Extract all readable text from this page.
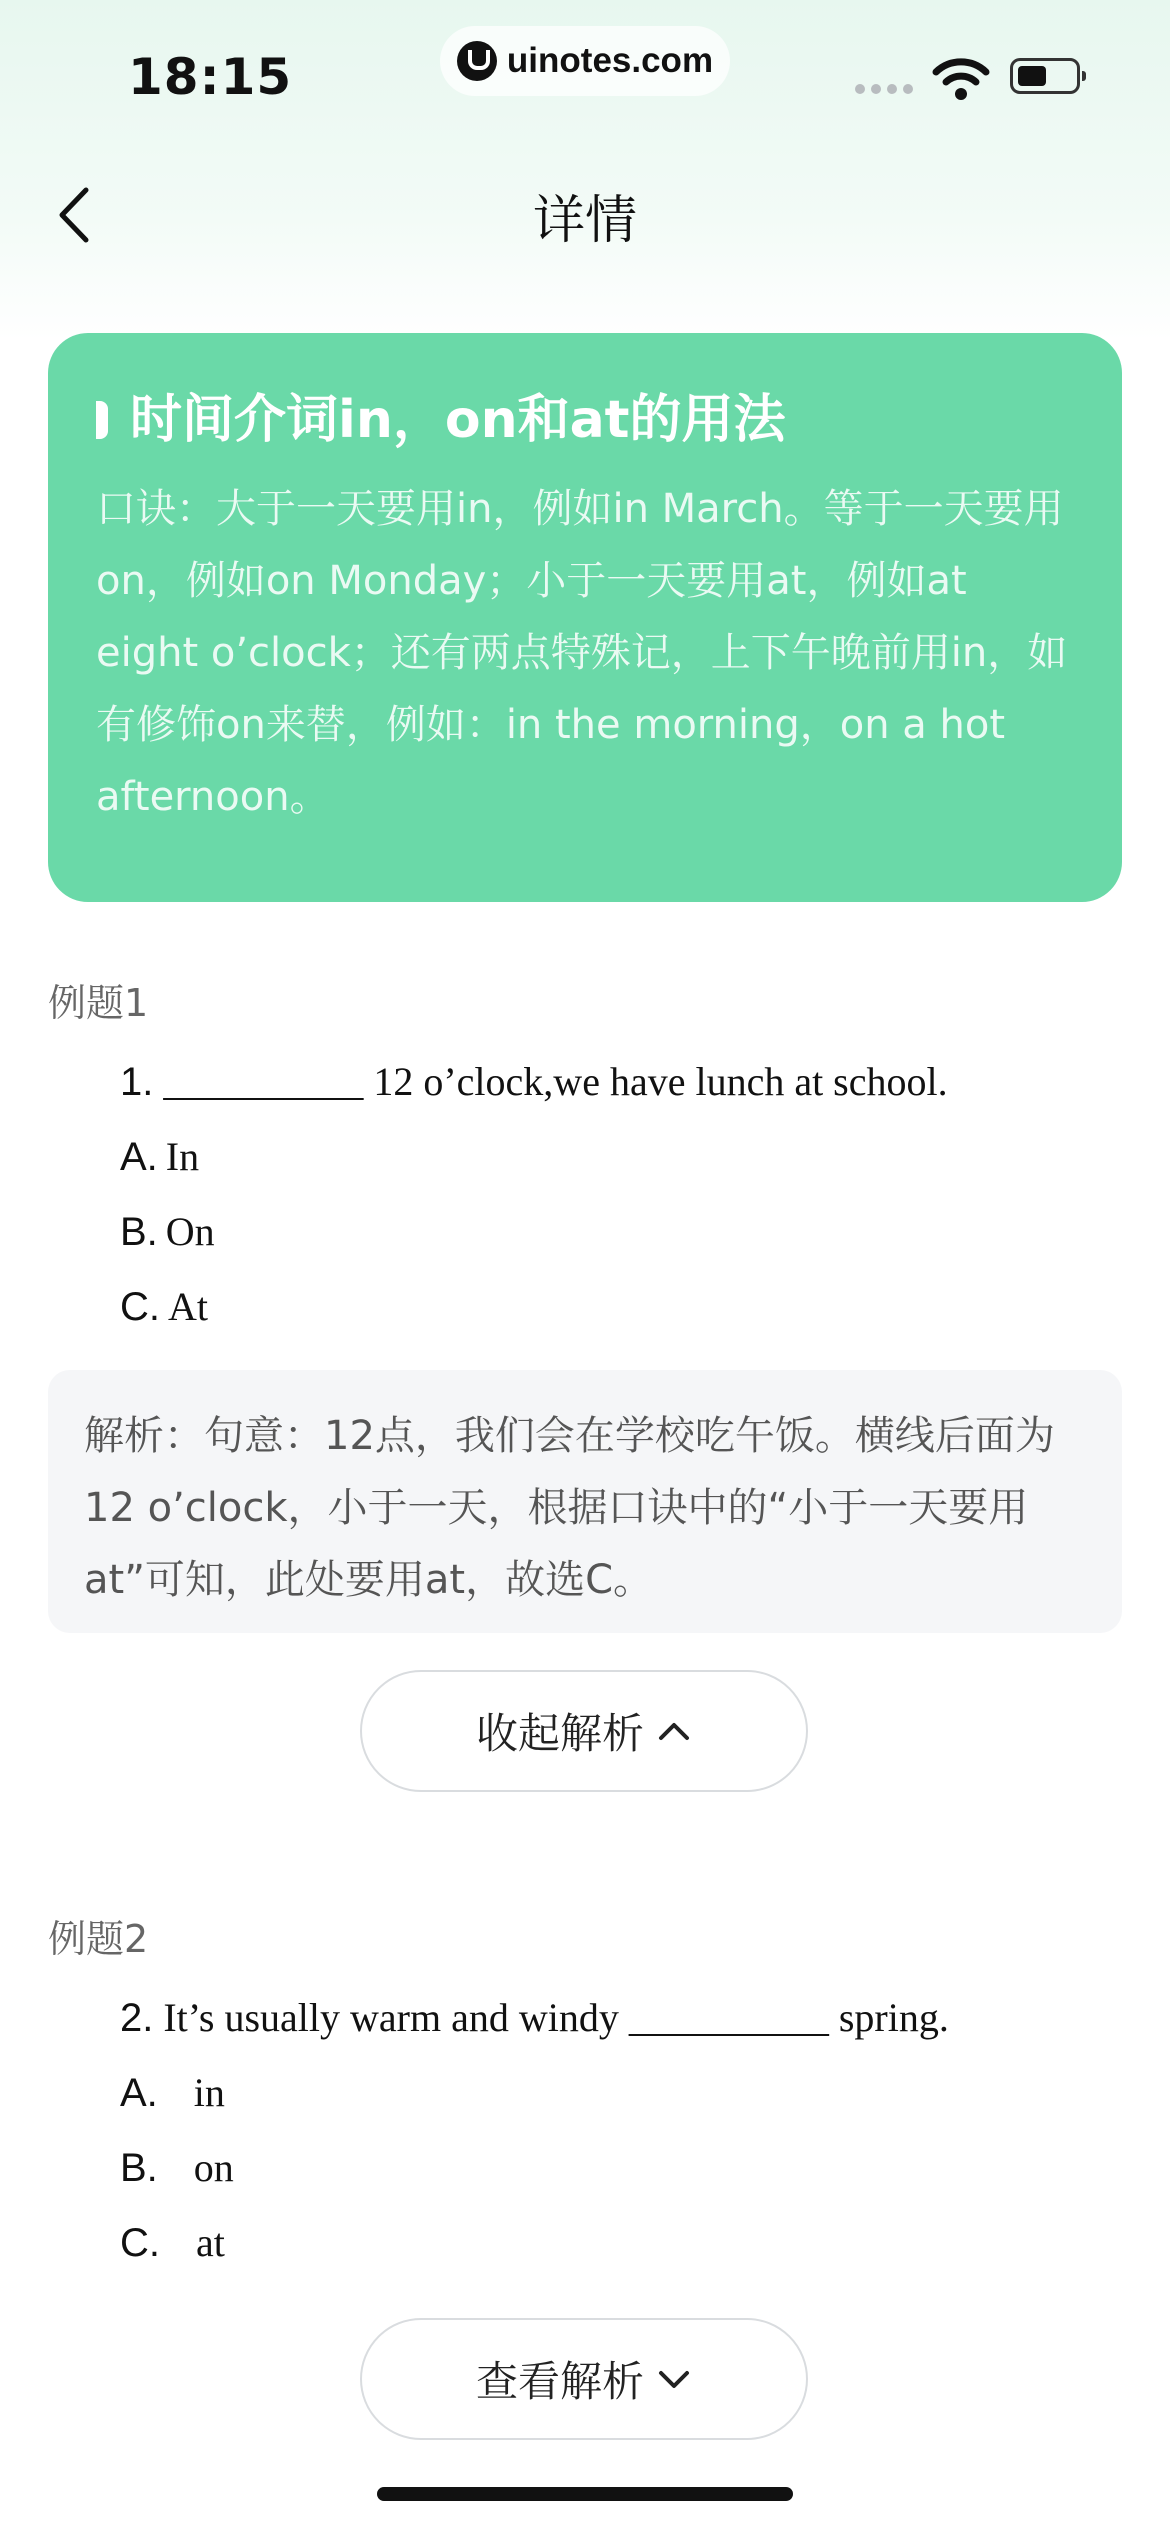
18:15	uinotes.com
详情
时间介词in，on和at的用法
口诀：大于一天要用in，例如in March。等于一天要用on，例如on Monday；小于一天要用at，例如at eight o’clock；还有两点特殊记，上下午晚前用in，如有修饰on来替，例如：in the morning，on a hot afternoon。
例题1
1. __________ 12 o’clock,we have lunch at school.
A. In
B. On
C. At
解析：句意：12点，我们会在学校吃午饭。横线后面为12 o’clock，小于一天，根据口诀中的“小于一天要用at”可知，此处要用at，故选C。
收起解析
例题2
2. It’s usually warm and windy __________ spring.
A. in
B. on
C. at
查看解析
